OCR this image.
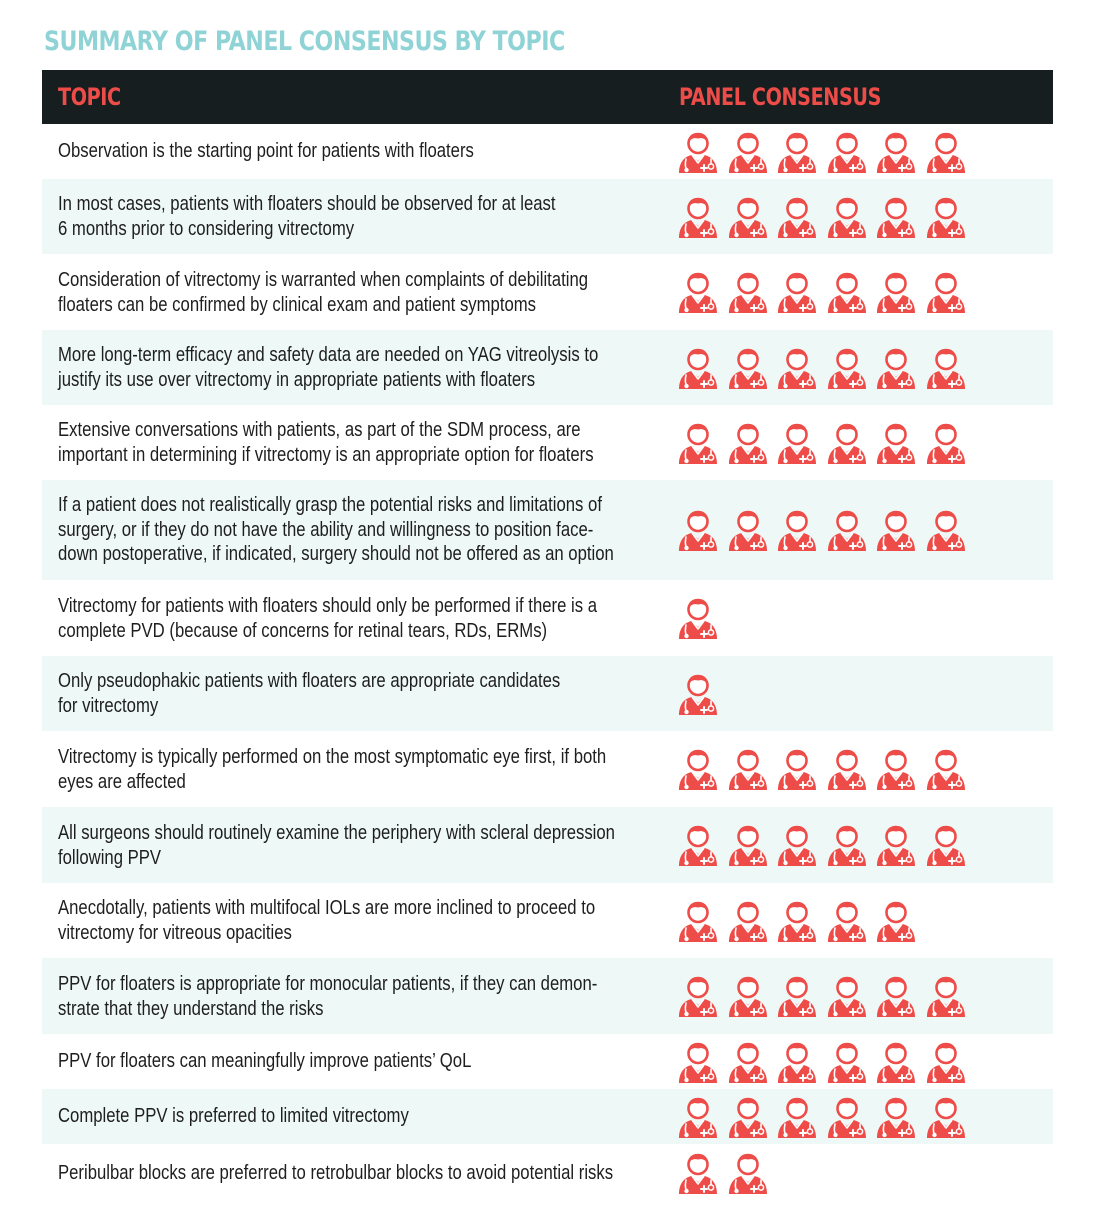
SUMMARY OF PANEL CONSENSUS BY TOPIC
TOPIC	PANEL CONSENSUS
Observation is the starting point for patients with floaters
In most cases, patients with floaters should be observed for at least
6 months prior to considering vitrectomy
Consideration of vitrectomy is warranted when complaints of debilitating
floaters can be confirmed by clinical exam and patient symptoms
More long-term efficacy and safety data are needed on YAG vitreolysis to
justify its use over vitrectomy in appropriate patients with floaters
Extensive conversations with patients, as part of the SDM process, are
important in determining if vitrectomy is an appropriate option for floaters
If a patient does not realistically grasp the potential risks and limitations of
surgery, or if they do not have the ability and willingness to position face-
down postoperative, if indicated, surgery should not be offered as an option
Vitrectomy for patients with floaters should only be performed if there is a
complete PVD (because of concerns for retinal tears, RDs, ERMs)
Only pseudophakic patients with floaters are appropriate candidates
for vitrectomy
Vitrectomy is typically performed on the most symptomatic eye first, if both
eyes are affected
All surgeons should routinely examine the periphery with scleral depression
following PPV
Anecdotally, patients with multifocal IOLs are more inclined to proceed to
vitrectomy for vitreous opacities
PPV for floaters is appropriate for monocular patients, if they can demon-
strate that they understand the risks
PPV for floaters can meaningfully improve patients’ QoL
Complete PPV is preferred to limited vitrectomy
Peribulbar blocks are preferred to retrobulbar blocks to avoid potential risks
